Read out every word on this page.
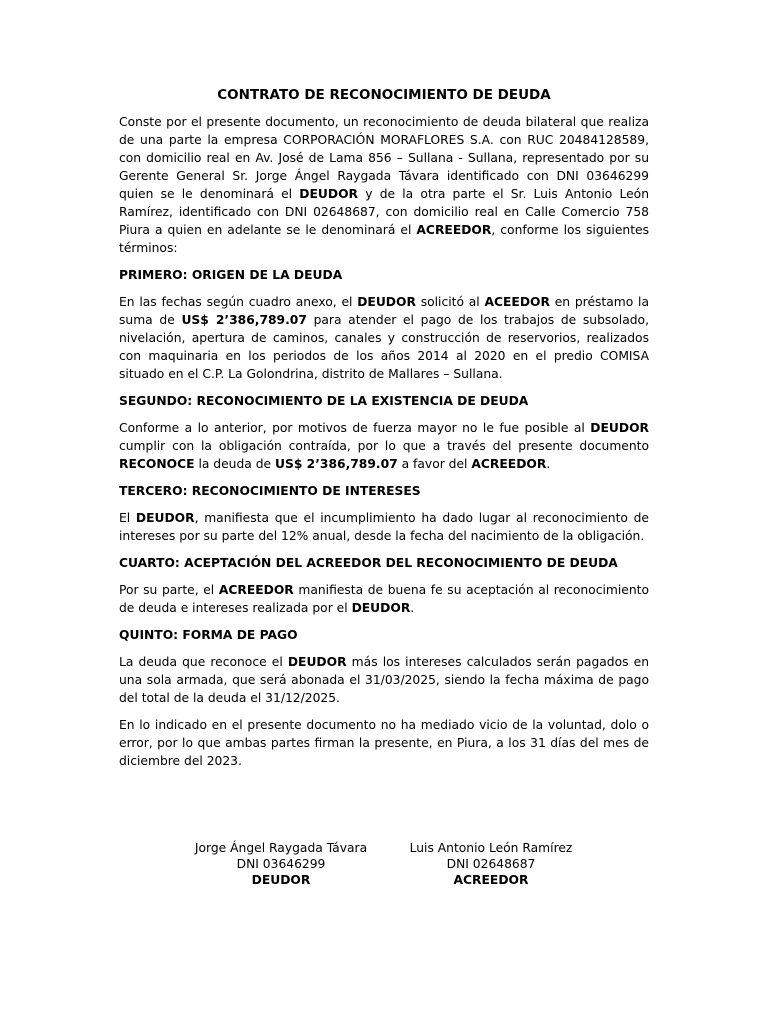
CONTRATO DE RECONOCIMIENTO DE DEUDA
Conste por el presente documento, un reconocimiento de deuda bilateral que realiza de una parte la empresa CORPORACIÓN MORAFLORES S.A. con RUC 20484128589, con domicilio real en Av. José de Lama 856 – Sullana - Sullana, representado por su Gerente General Sr. Jorge Ángel Raygada Távara identificado con DNI 03646299 quien se le denominará el DEUDOR y de la otra parte el Sr. Luis Antonio León Ramírez, identificado con DNI 02648687, con domicilio real en Calle Comercio 758 Piura a quien en adelante se le denominará el ACREEDOR, conforme los siguientes términos:
PRIMERO: ORIGEN DE LA DEUDA
En las fechas según cuadro anexo, el DEUDOR solicitó al ACEEDOR en préstamo la suma de US$ 2’386,789.07 para atender el pago de los trabajos de subsolado, nivelación, apertura de caminos, canales y construcción de reservorios, realizados con maquinaria en los periodos de los años 2014 al 2020 en el predio COMISA situado en el C.P. La Golondrina, distrito de Mallares – Sullana.
SEGUNDO: RECONOCIMIENTO DE LA EXISTENCIA DE DEUDA
Conforme a lo anterior, por motivos de fuerza mayor no le fue posible al DEUDOR cumplir con la obligación contraída, por lo que a través del presente documento RECONOCE la deuda de US$ 2’386,789.07 a favor del ACREEDOR.
TERCERO: RECONOCIMIENTO DE INTERESES
El DEUDOR, manifiesta que el incumplimiento ha dado lugar al reconocimiento de intereses por su parte del 12% anual, desde la fecha del nacimiento de la obligación.
CUARTO: ACEPTACIÓN DEL ACREEDOR DEL RECONOCIMIENTO DE DEUDA
Por su parte, el ACREEDOR manifiesta de buena fe su aceptación al reconocimiento de deuda e intereses realizada por el DEUDOR.
QUINTO: FORMA DE PAGO
La deuda que reconoce el DEUDOR más los intereses calculados serán pagados en una sola armada, que será abonada el 31/03/2025, siendo la fecha máxima de pago del total de la deuda el 31/12/2025.
En lo indicado en el presente documento no ha mediado vicio de la voluntad, dolo o error, por lo que ambas partes firman la presente, en Piura, a los 31 días del mes de diciembre del 2023.
Jorge Ángel Raygada Távara
DNI 03646299
DEUDOR
Luis Antonio León Ramírez
DNI 02648687
ACREEDOR
